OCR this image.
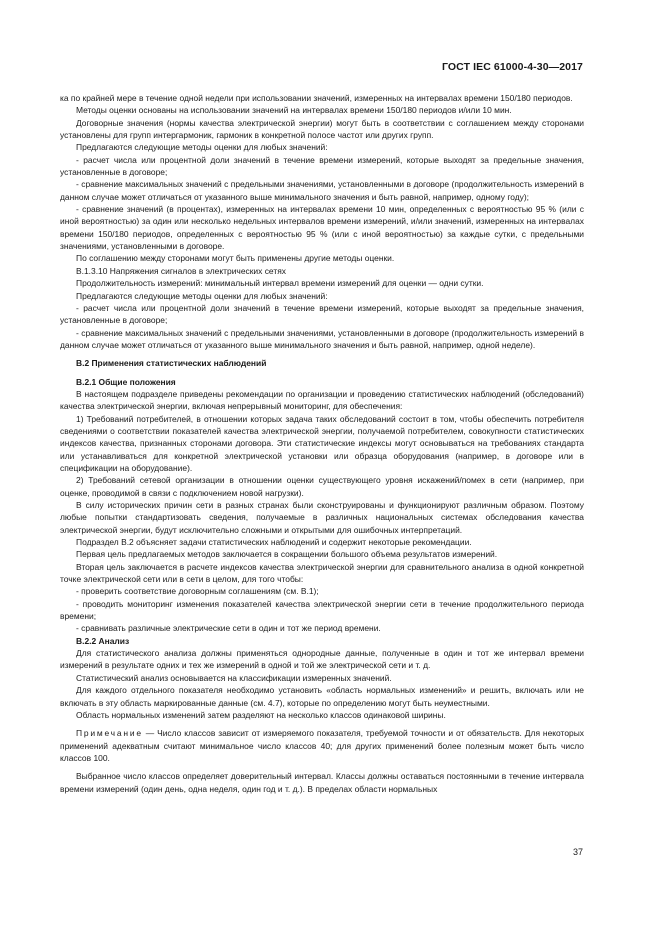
ГОСТ IEC 61000-4-30—2017

ка по крайней мере в течение одной недели при использовании значений, измеренных на интервалах времени 150/180 периодов.

Методы оценки основаны на использовании значений на интервалах времени 150/180 периодов и/или 10 мин.

Договорные значения (нормы качества электрической энергии) могут быть в соответствии с соглашением между сторонами установлены для групп интергармоник, гармоник в конкретной полосе частот или других групп.

Предлагаются следующие методы оценки для любых значений:

- расчет числа или процентной доли значений в течение времени измерений, которые выходят за предельные значения, установленные в договоре;

- сравнение максимальных значений с предельными значениями, установленными в договоре (продолжительность измерений в данном случае может отличаться от указанного выше минимального значения и быть равной, например, одному году);

- сравнение значений (в процентах), измеренных на интервалах времени 10 мин, определенных с вероятностью 95 % (или с иной вероятностью) за один или несколько недельных интервалов времени измерений, и/или значений, измеренных на интервалах времени 150/180 периодов, определенных с вероятностью 95 % (или с иной вероятностью) за каждые сутки, с предельными значениями, установленными в договоре.

По соглашению между сторонами могут быть применены другие методы оценки.

В.1.3.10 Напряжения сигналов в электрических сетях

Продолжительность измерений: минимальный интервал времени измерений для оценки — одни сутки.

Предлагаются следующие методы оценки для любых значений:

- расчет числа или процентной доли значений в течение времени измерений, которые выходят за предельные значения, установленные в договоре;

- сравнение максимальных значений с предельными значениями, установленными в договоре (продолжительность измерений в данном случае может отличаться от указанного выше минимального значения и быть равной, например, одной неделе).

В.2 Применения статистических наблюдений

В.2.1 Общие положения

В настоящем подразделе приведены рекомендации по организации и проведению статистических наблюдений (обследований) качества электрической энергии, включая непрерывный мониторинг, для обеспечения:

1) Требований потребителей, в отношении которых задача таких обследований состоит в том, чтобы обеспечить потребителя сведениями о соответствии показателей качества электрической энергии, получаемой потребителем, совокупности статистических индексов качества, признанных сторонами договора. Эти статистические индексы могут основываться на требованиях стандарта или устанавливаться для конкретной электрической установки или образца оборудования (например, в договоре или в спецификации на оборудование).

2) Требований сетевой организации в отношении оценки существующего уровня искажений/помех в сети (например, при оценке, проводимой в связи с подключением новой нагрузки).

В силу исторических причин сети в разных странах были сконструированы и функционируют различным образом. Поэтому любые попытки стандартизовать сведения, получаемые в различных национальных системах обследования качества электрической энергии, будут исключительно сложными и открытыми для ошибочных интерпретаций.

Подраздел В.2 объясняет задачи статистических наблюдений и содержит некоторые рекомендации.

Первая цель предлагаемых методов заключается в сокращении большого объема результатов измерений.

Вторая цель заключается в расчете индексов качества электрической энергии для сравнительного анализа в одной конкретной точке электрической сети или в сети в целом, для того чтобы:

- проверить соответствие договорным соглашениям (см. В.1);

- проводить мониторинг изменения показателей качества электрической энергии сети в течение продолжительного периода времени;

- сравнивать различные электрические сети в один и тот же период времени.

В.2.2 Анализ

Для статистического анализа должны применяться однородные данные, полученные в один и тот же интервал времени измерений в результате одних и тех же измерений в одной и той же электрической сети и т. д.

Статистический анализ основывается на классификации измеренных значений.

Для каждого отдельного показателя необходимо установить «область нормальных изменений» и решить, включать или не включать в эту область маркированные данные (см. 4.7), которые по определению могут быть неуместными.

Область нормальных изменений затем разделяют на несколько классов одинаковой ширины.

Примечание — Число классов зависит от измеряемого показателя, требуемой точности и от обязательств. Для некоторых применений адекватным считают минимальное число классов 40; для других применений более полезным может быть число классов 100.

Выбранное число классов определяет доверительный интервал. Классы должны оставаться постоянными в течение интервала времени измерений (один день, одна неделя, один год и т. д.). В пределах области нормальных

37
